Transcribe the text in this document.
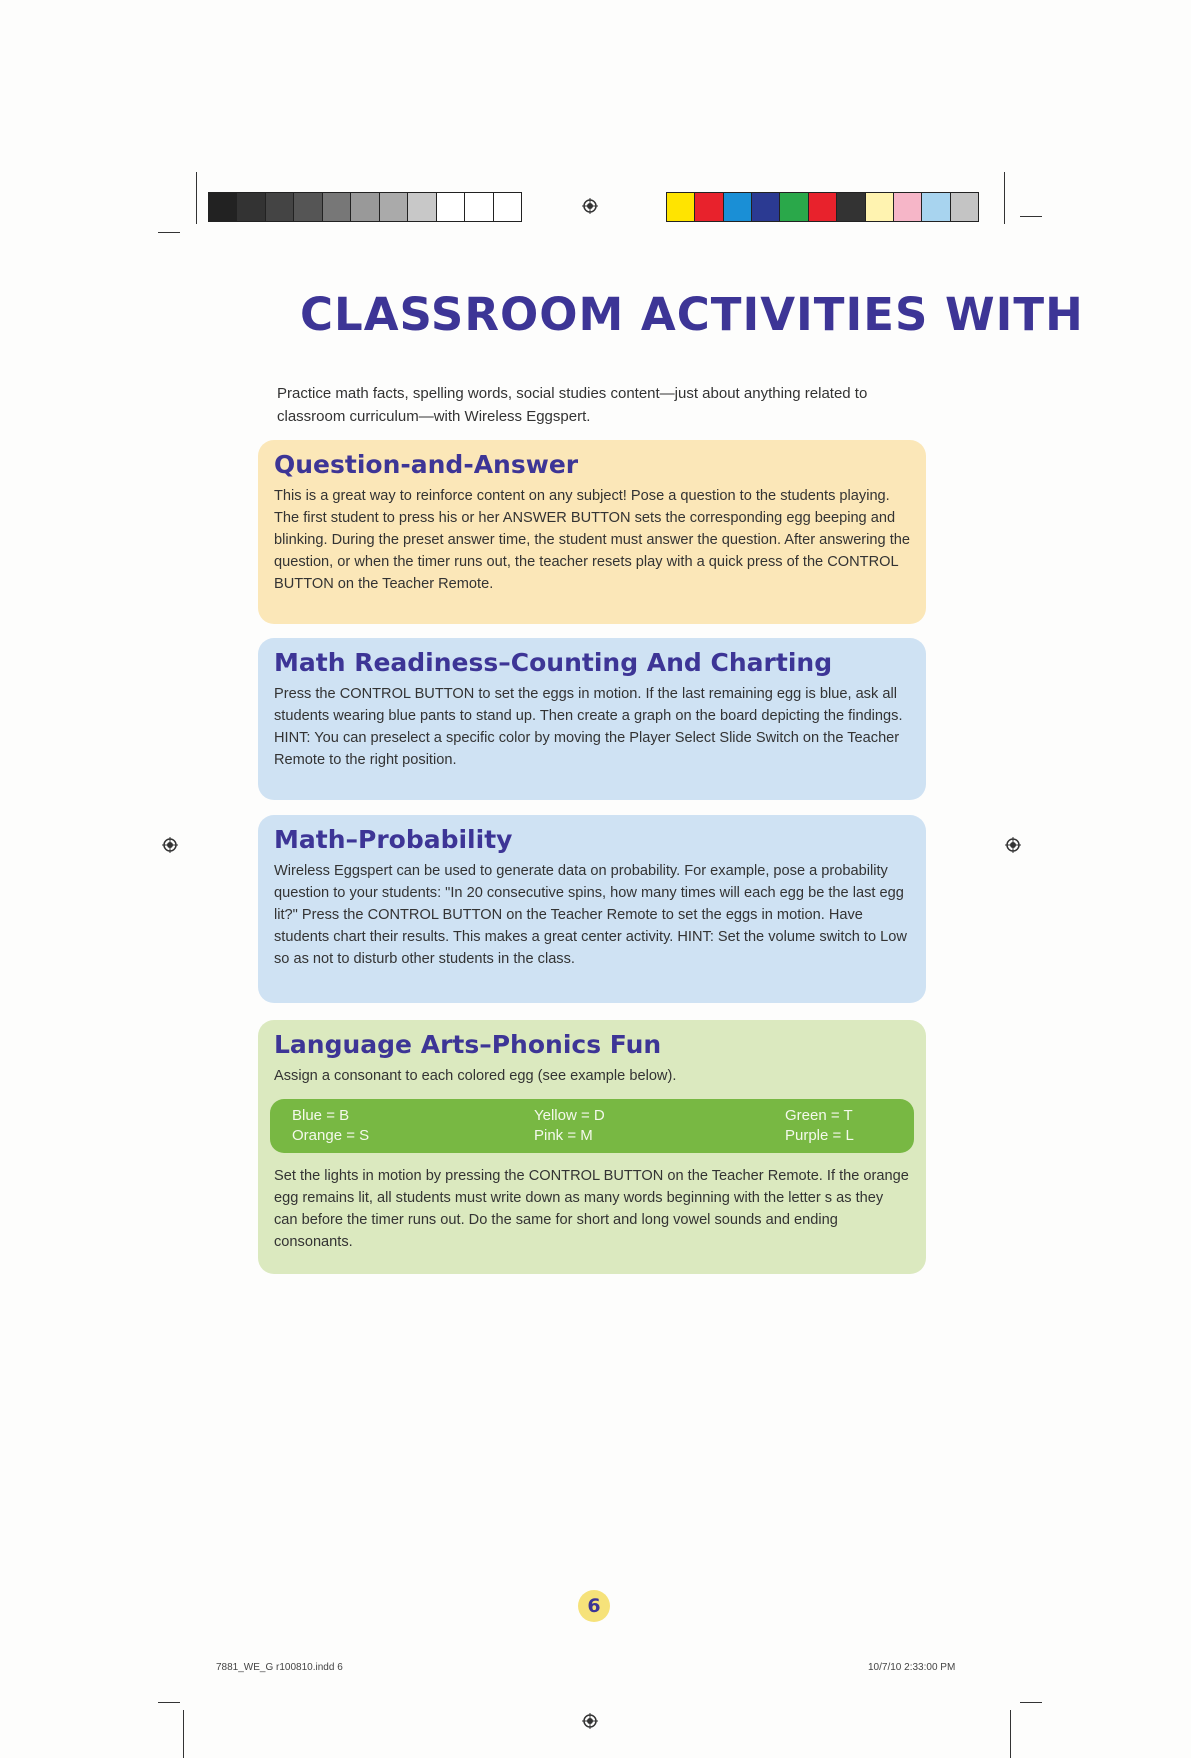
CLASSROOM ACTIVITIES WITH
Practice math facts, spelling words, social studies content—just about anything related to classroom curriculum—with Wireless Eggspert.
Question-and-Answer

This is a great way to reinforce content on any subject! Pose a question to the students playing. The first student to press his or her ANSWER BUTTON sets the corresponding egg beeping and blinking. During the preset answer time, the student must answer the question. After answering the question, or when the timer runs out, the teacher resets play with a quick press of the CONTROL BUTTON on the Teacher Remote.

Math Readiness–Counting And Charting

Press the CONTROL BUTTON to set the eggs in motion. If the last remaining egg is blue, ask all students wearing blue pants to stand up. Then create a graph on the board depicting the findings. HINT: You can preselect a specific color by moving the Player Select Slide Switch on the Teacher Remote to the right position.

Math–Probability

Wireless Eggspert can be used to generate data on probability. For example, pose a probability question to your students: "In 20 consecutive spins, how many times will each egg be the last egg lit?" Press the CONTROL BUTTON on the Teacher Remote to set the eggs in motion. Have students chart their results. This makes a great center activity. HINT: Set the volume switch to Low so as not to disturb other students in the class.

Language Arts–Phonics Fun

Assign a consonant to each colored egg (see example below).

Blue = B
Orange = S
Yellow = D
Pink = M
Green = T
Purple = L

Set the lights in motion by pressing the CONTROL BUTTON on the Teacher Remote. If the orange egg remains lit, all students must write down as many words beginning with the letter s as they can before the timer runs out. Do the same for short and long vowel sounds and ending consonants.

6
7881_WE_G r100810.indd 6	10/7/10 2:33:00 PM
